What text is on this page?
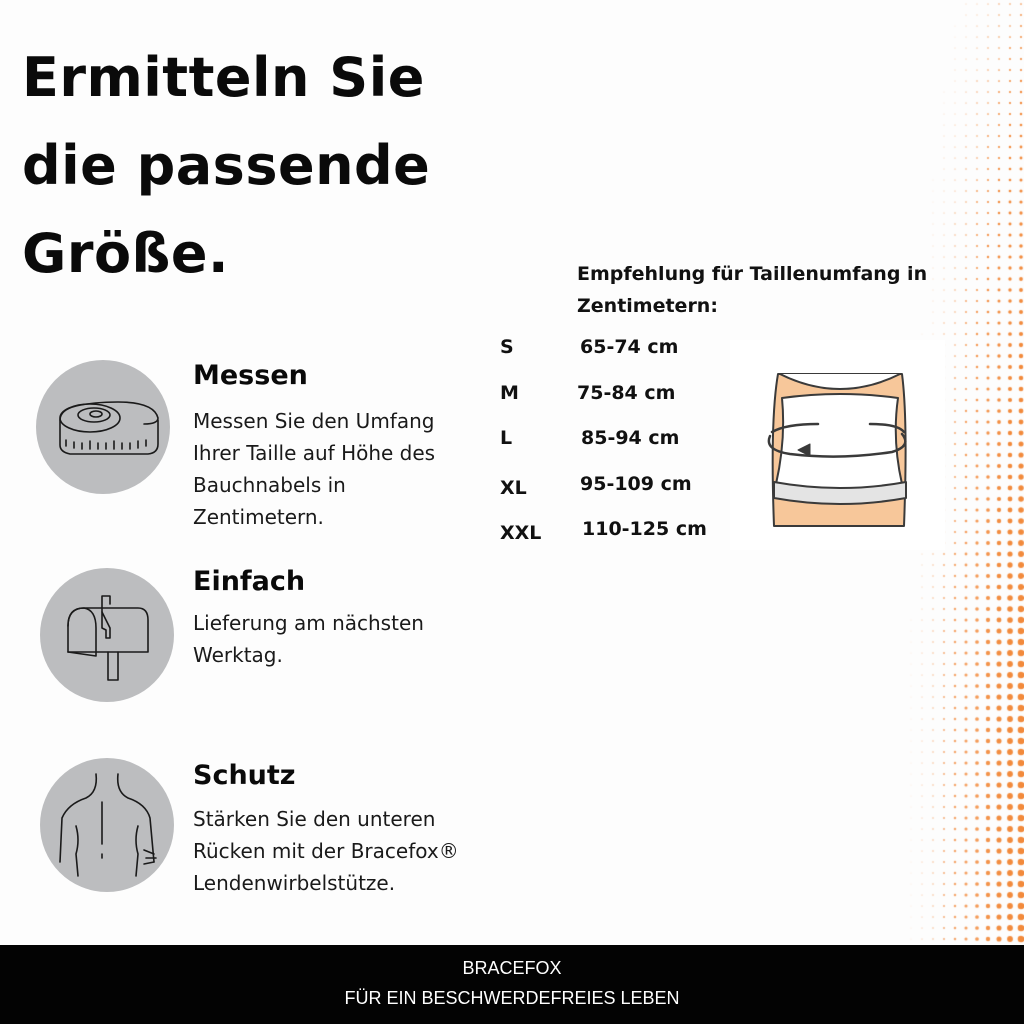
Ermitteln Sie
die passende
Größe.
Messen
Messen Sie den Umfang
Ihrer Taille auf Höhe des
Bauchnabels in
Zentimetern.
Einfach
Lieferung am nächsten
Werktag.
Schutz
Stärken Sie den unteren
Rücken mit der Bracefox®
Lendenwirbelstütze.
Empfehlung für Taillenumfang in
Zentimetern:
S	65-74 cm
M	75-84 cm
L	85-94 cm
XL	95-109 cm
XXL 110-125 cm
BRACEFOX
FÜR EIN BESCHWERDEFREIES LEBEN
